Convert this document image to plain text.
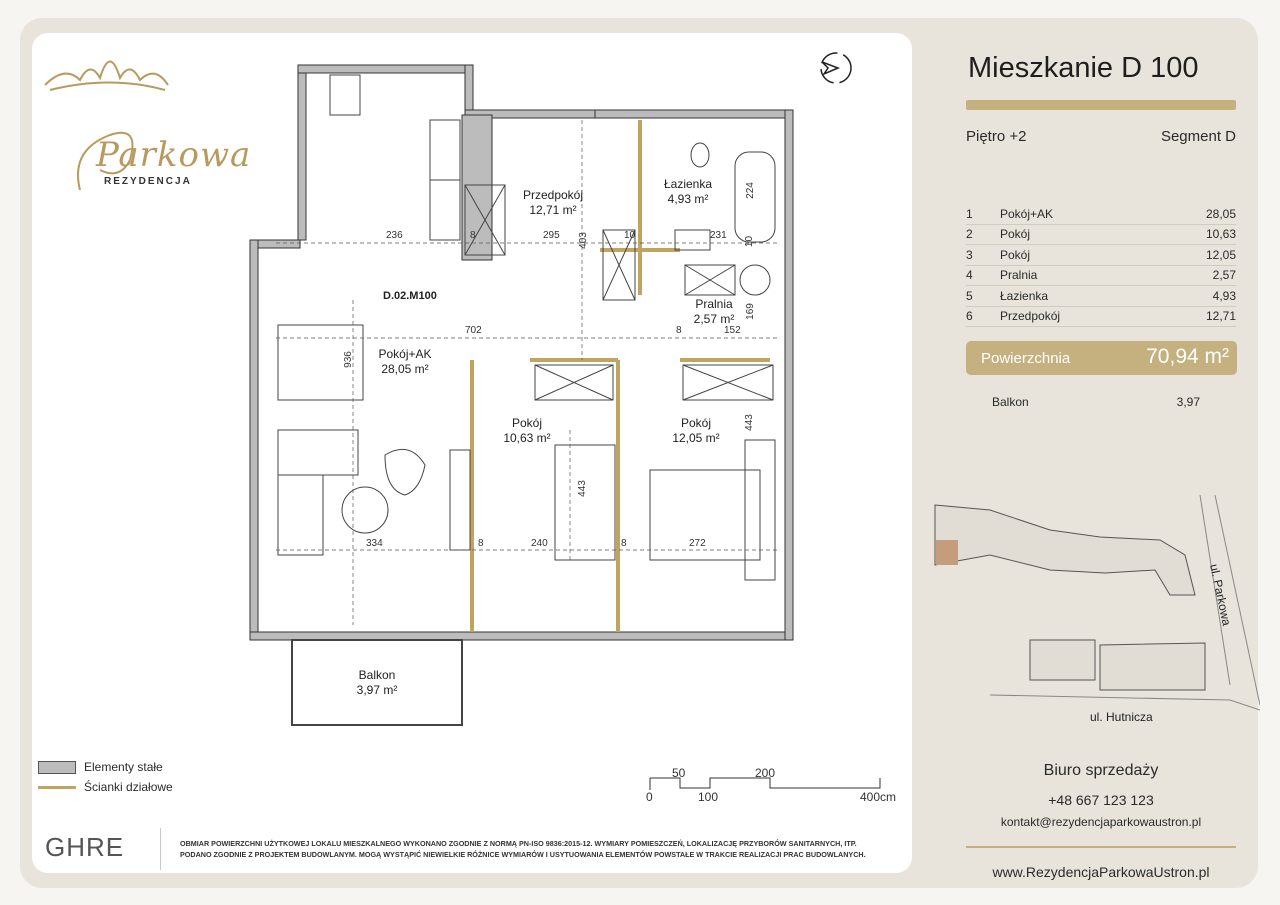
Parkowa
REZYDENCJA
D.02.M100
Pokój+AK
28,05 m²
Przedpokój
12,71 m²
Łazienka
4,93 m²
Pralnia
2,57 m²
Pokój
10,63 m²
Pokój
12,05 m²
Balkon
3,97 m²
236	8	295 403	10	231
224
10
702	8	152
169
936
443
443
334	8	240	8	272
Elementy stałe
Ścianki działowe
50	200
0	100	400cm
GHRE	OBMIAR POWIERZCHNI UŻYTKOWEJ LOKALU MIESZKALNEGO WYKONANO ZGODNIE Z NORMĄ PN-ISO 9836:2015-12. WYMIARY POMIESZCZEŃ, LOKALIZACJĘ PRZYBORÓW SANITARNYCH, ITP.
PODANO ZGODNIE Z PROJEKTEM BUDOWLANYM. MOGĄ WYSTĄPIĆ NIEWIELKIE RÓŻNICE WYMIARÓW I USYTUOWANIA ELEMENTÓW POWSTAŁE W TRAKCIE REALIZACJI PRAC BUDOWLANYCH.
Mieszkanie D 100
Piętro +2	Segment D
1	Pokój+AK	28,05
2	Pokój	10,63
3	Pokój	12,05
4	Pralnia	2,57
5	Łazienka	4,93
6	Przedpokój	12,71
Powierzchnia	70,94 m²
Balkon	3,97
ul. Parkowa
ul. Hutnicza
Biuro sprzedaży
+48 667 123 123
kontakt@rezydencjaparkowaustron.pl
www.RezydencjaParkowaUstron.pl
